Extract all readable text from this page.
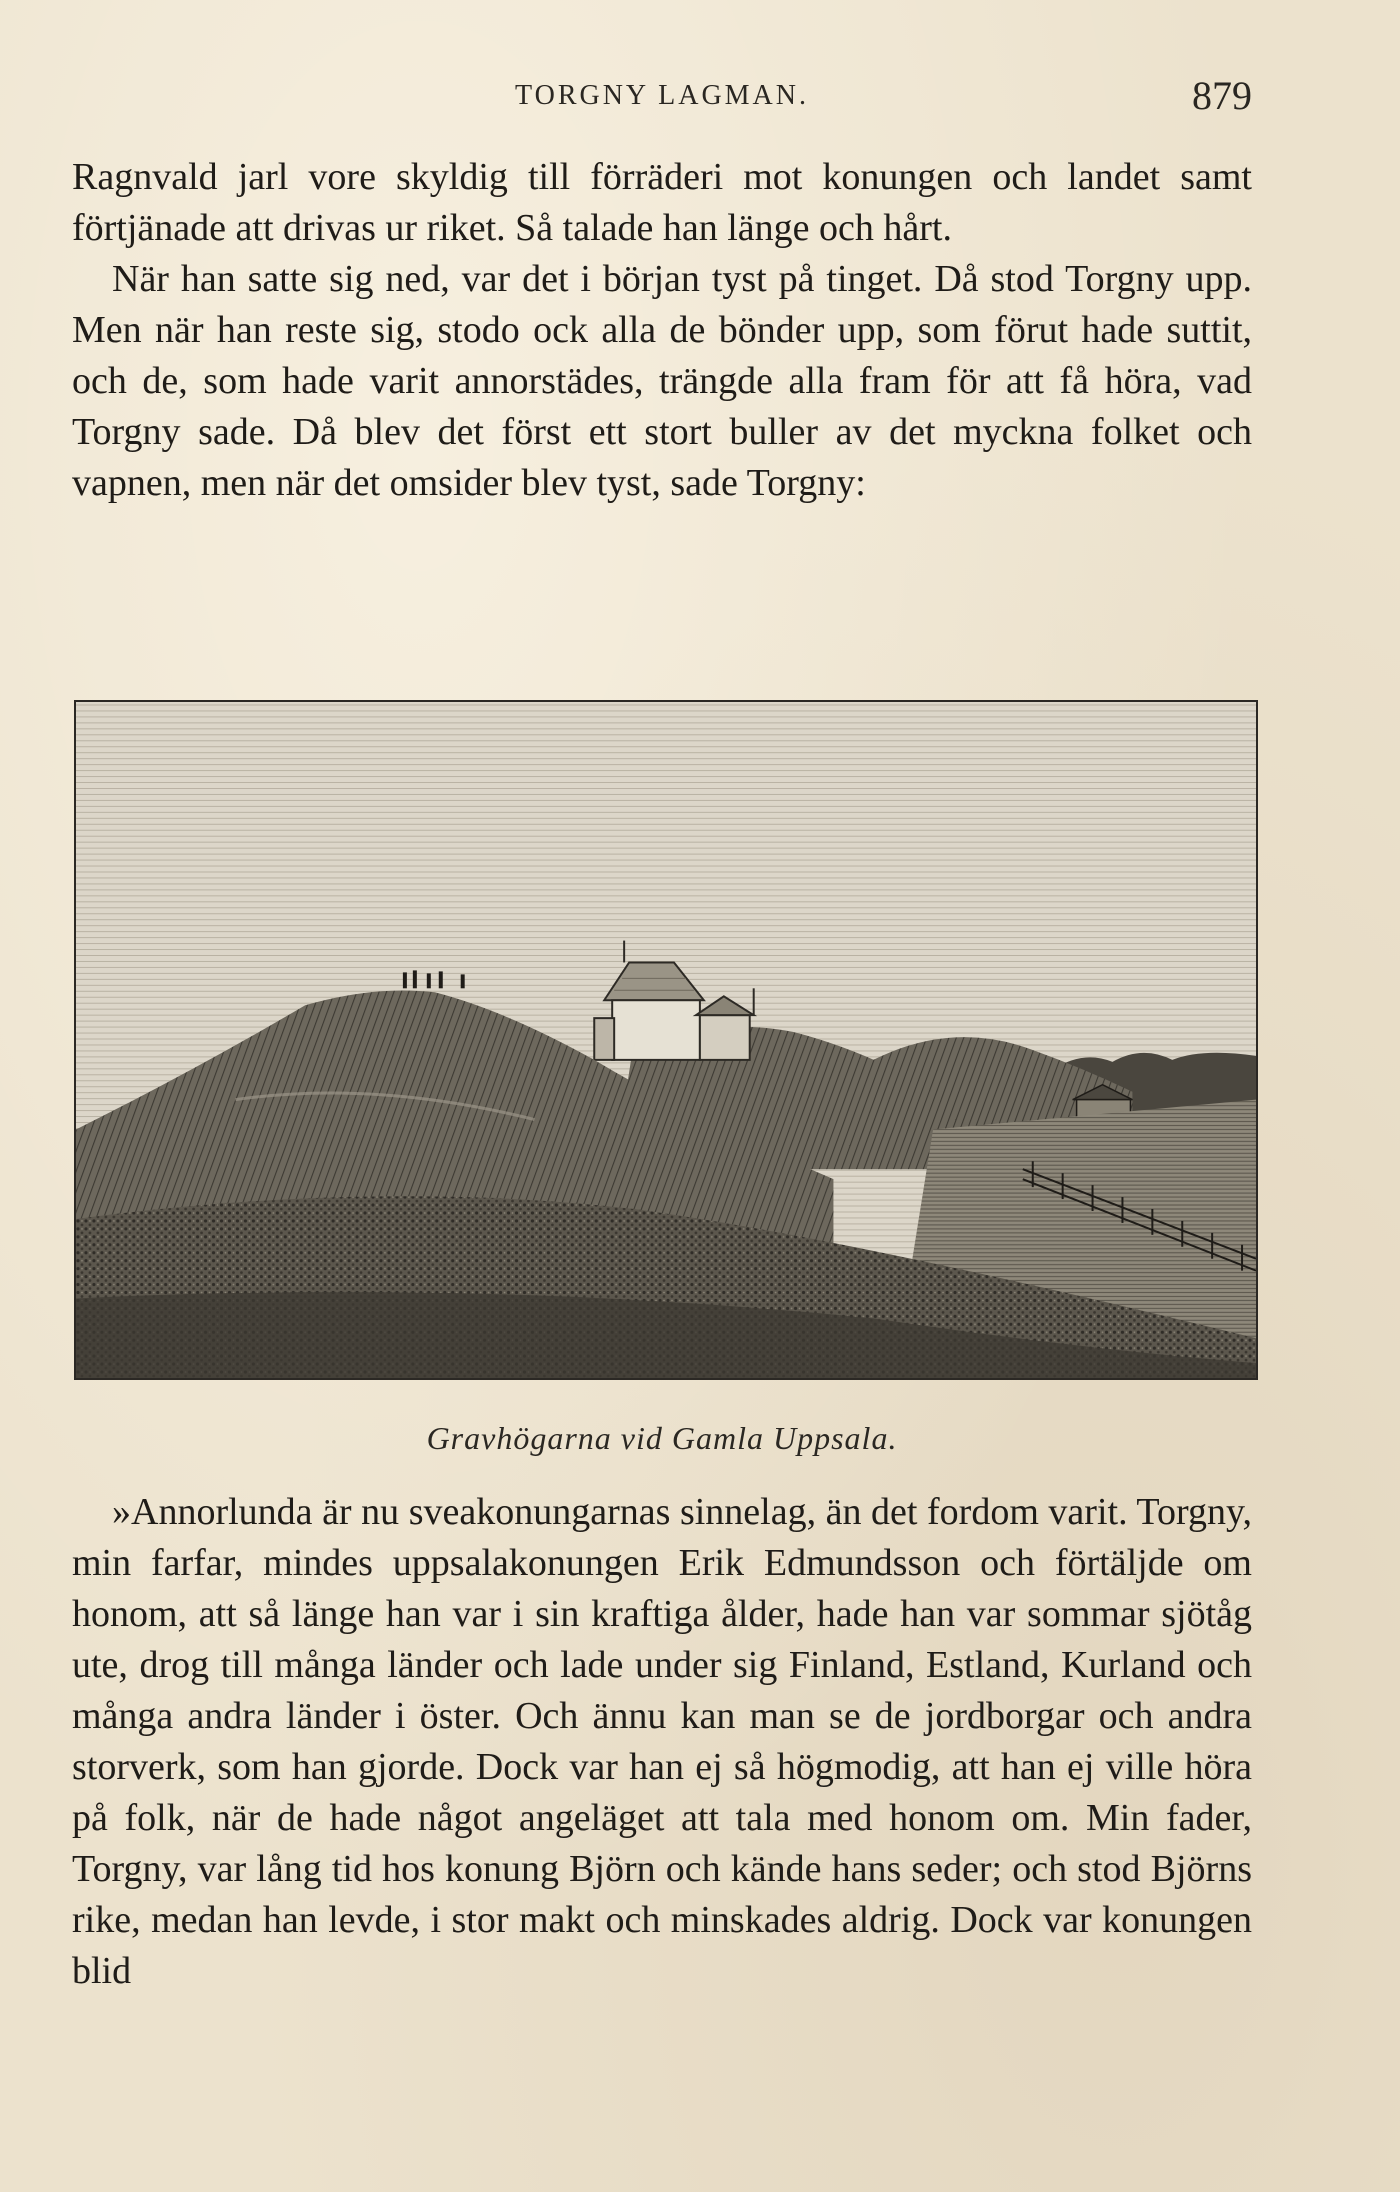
TORGNY LAGMAN.	879

Ragnvald jarl vore skyldig till förräderi mot konungen och landet samt förtjänade att drivas ur riket. Så talade han länge och hårt.

När han satte sig ned, var det i början tyst på tinget. Då stod Torgny upp. Men när han reste sig, stodo ock alla de bönder upp, som förut hade suttit, och de, som hade varit annorstädes, trängde alla fram för att få höra, vad Torgny sade. Då blev det först ett stort buller av det myckna folket och vapnen, men när det omsider blev tyst, sade Torgny:

Gravhögarna vid Gamla Uppsala.

»Annorlunda är nu sveakonungarnas sinnelag, än det fordom varit. Torgny, min farfar, mindes uppsalakonungen Erik Edmundsson och förtäljde om honom, att så länge han var i sin kraftiga ålder, hade han var sommar sjötåg ute, drog till många länder och lade under sig Finland, Estland, Kurland och många andra länder i öster. Och ännu kan man se de jordborgar och andra storverk, som han gjorde. Dock var han ej så högmodig, att han ej ville höra på folk, när de hade något angeläget att tala med honom om. Min fader, Torgny, var lång tid hos konung Björn och kände hans seder; och stod Björns rike, medan han levde, i stor makt och minskades aldrig. Dock var konungen blid
